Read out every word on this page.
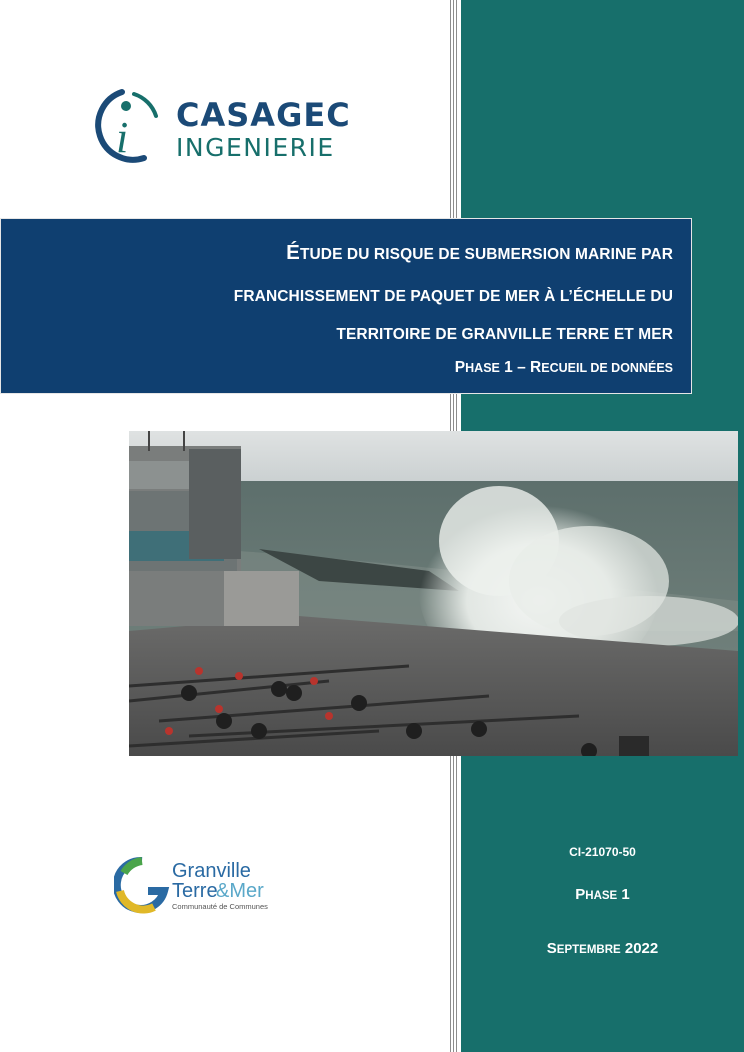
i CASAGEC
INGENIERIE
ÉTUDE DU RISQUE DE SUBMERSION MARINE PAR
FRANCHISSEMENT DE PAQUET DE MER À L’ÉCHELLE DU
TERRITOIRE DE GRANVILLE TERRE ET MER
PHASE 1 – RECUEIL DE DONNÉES
Granville
Terre
&Mer
Communauté de Communes
CI-21070-50
PHASE 1
SEPTEMBRE 2022
